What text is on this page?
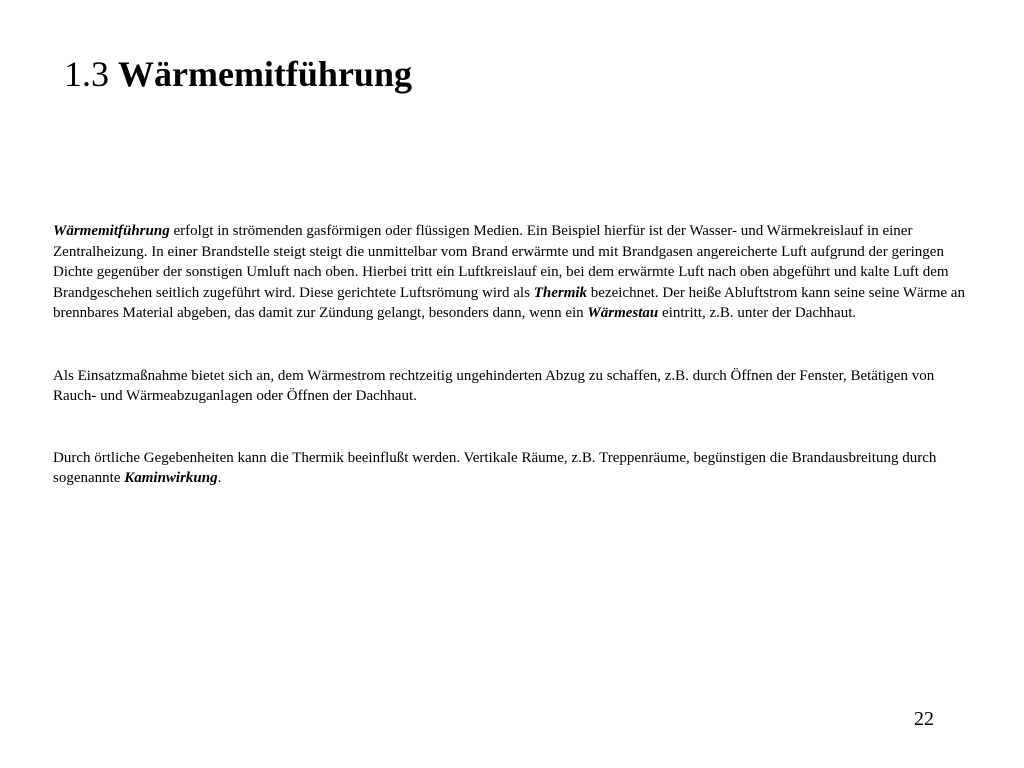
1.3 Wärmemitführung

Wärmemitführung erfolgt in strömenden gasförmigen oder flüssigen Medien. Ein Beispiel hierfür ist der Wasser- und Wärmekreislauf in einer Zentralheizung. In einer Brandstelle steigt steigt die unmittelbar vom Brand erwärmte und mit Brandgasen angereicherte Luft aufgrund der geringen Dichte gegenüber der sonstigen Umluft nach oben. Hierbei tritt ein Luftkreislauf ein, bei dem erwärmte Luft nach oben abgeführt und kalte Luft dem Brandgeschehen seitlich zugeführt wird. Diese gerichtete Luftsrömung wird als Thermik bezeichnet. Der heiße Abluftstrom kann seine seine Wärme an brennbares Material abgeben, das damit zur Zündung gelangt, besonders dann, wenn ein Wärmestau eintritt, z.B. unter der Dachhaut.

Als Einsatzmaßnahme bietet sich an, dem Wärmestrom rechtzeitig ungehinderten Abzug zu schaffen, z.B. durch Öffnen der Fenster, Betätigen von Rauch- und Wärmeabzuganlagen oder Öffnen der Dachhaut.

Durch örtliche Gegebenheiten kann die Thermik beeinflußt werden. Vertikale Räume, z.B. Treppenräume, begünstigen die Brandausbreitung durch sogenannte Kaminwirkung.

22
